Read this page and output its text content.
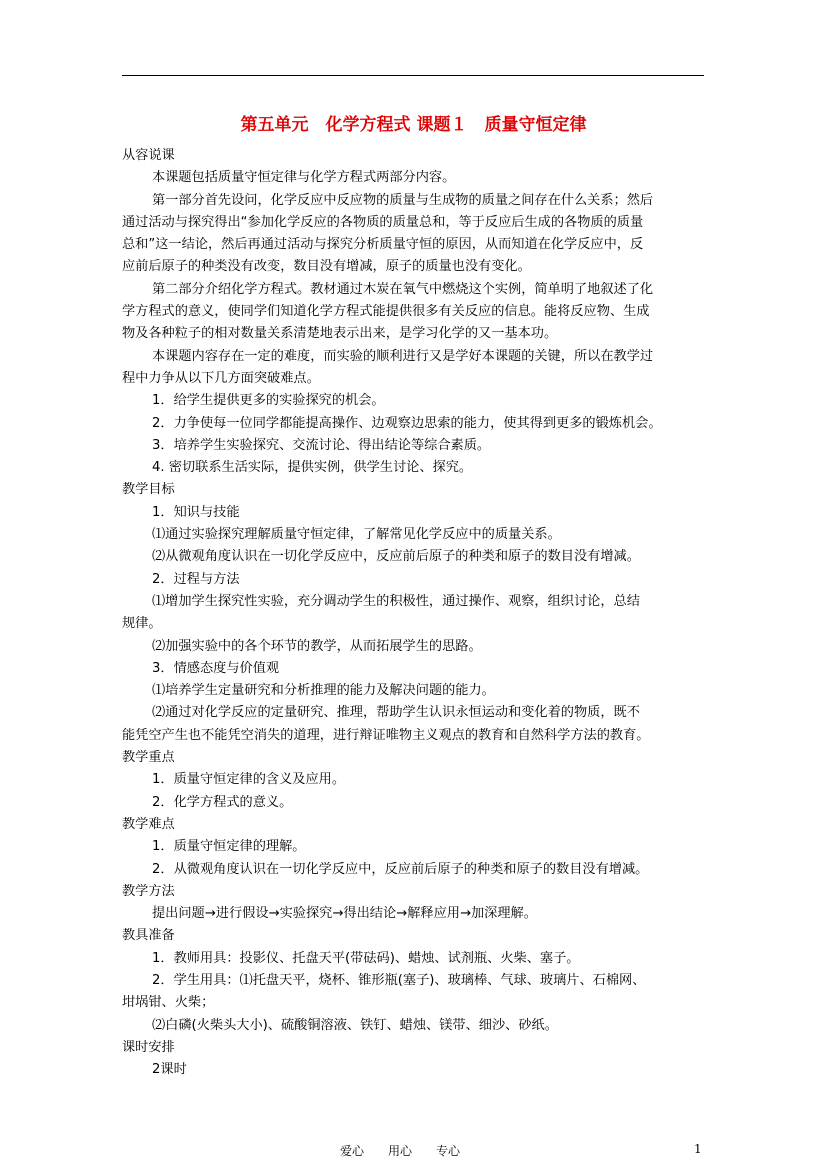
第五单元　化学方程式 课题１　质量守恒定律
从容说课
本课题包括质量守恒定律与化学方程式两部分内容。
第一部分首先设问，化学反应中反应物的质量与生成物的质量之间存在什么关系；然后
通过活动与探究得出“参加化学反应的各物质的质量总和，等于反应后生成的各物质的质量
总和”这一结论，然后再通过活动与探究分析质量守恒的原因，从而知道在化学反应中，反
应前后原子的种类没有改变，数目没有增减，原子的质量也没有变化。
第二部分介绍化学方程式。教材通过木炭在氧气中燃烧这个实例，简单明了地叙述了化
学方程式的意义，使同学们知道化学方程式能提供很多有关反应的信息。能将反应物、生成
物及各种粒子的相对数量关系清楚地表示出来，是学习化学的又一基本功。
本课题内容存在一定的难度，而实验的顺利进行又是学好本课题的关键，所以在教学过
程中力争从以下几方面突破难点。
1．给学生提供更多的实验探究的机会。
2．力争使每一位同学都能提高操作、边观察边思索的能力，使其得到更多的锻炼机会。
3．培养学生实验探究、交流讨论、得出结论等综合素质。
4. 密切联系生活实际，提供实例，供学生讨论、探究。
教学目标
1．知识与技能
⑴通过实验探究理解质量守恒定律，了解常见化学反应中的质量关系。
⑵从微观角度认识在一切化学反应中，反应前后原子的种类和原子的数目没有增减。
2．过程与方法
⑴增加学生探究性实验，充分调动学生的积极性，通过操作、观察，组织讨论，总结
规律。
⑵加强实验中的各个环节的教学，从而拓展学生的思路。
3．情感态度与价值观
⑴培养学生定量研究和分析推理的能力及解决问题的能力。
⑵通过对化学反应的定量研究、推理，帮助学生认识永恒运动和变化着的物质，既不
能凭空产生也不能凭空消失的道理，进行辩证唯物主义观点的教育和自然科学方法的教育。
教学重点
1．质量守恒定律的含义及应用。
2．化学方程式的意义。
教学难点
1．质量守恒定律的理解。
2．从微观角度认识在一切化学反应中，反应前后原子的种类和原子的数目没有增减。
教学方法
提出问题→进行假设→实验探究→得出结论→解释应用→加深理解。
教具准备
1．教师用具：投影仪、托盘天平(带砝码)、蜡烛、试剂瓶、火柴、塞子。
2．学生用具：⑴托盘天平，烧杯、锥形瓶(塞子)、玻璃棒、气球、玻璃片、石棉网、
坩埚钳、火柴；
⑵白磷(火柴头大小)、硫酸铜溶液、铁钉、蜡烛、镁带、细沙、砂纸。
课时安排
2课时
爱心　　用心　　专心	1
